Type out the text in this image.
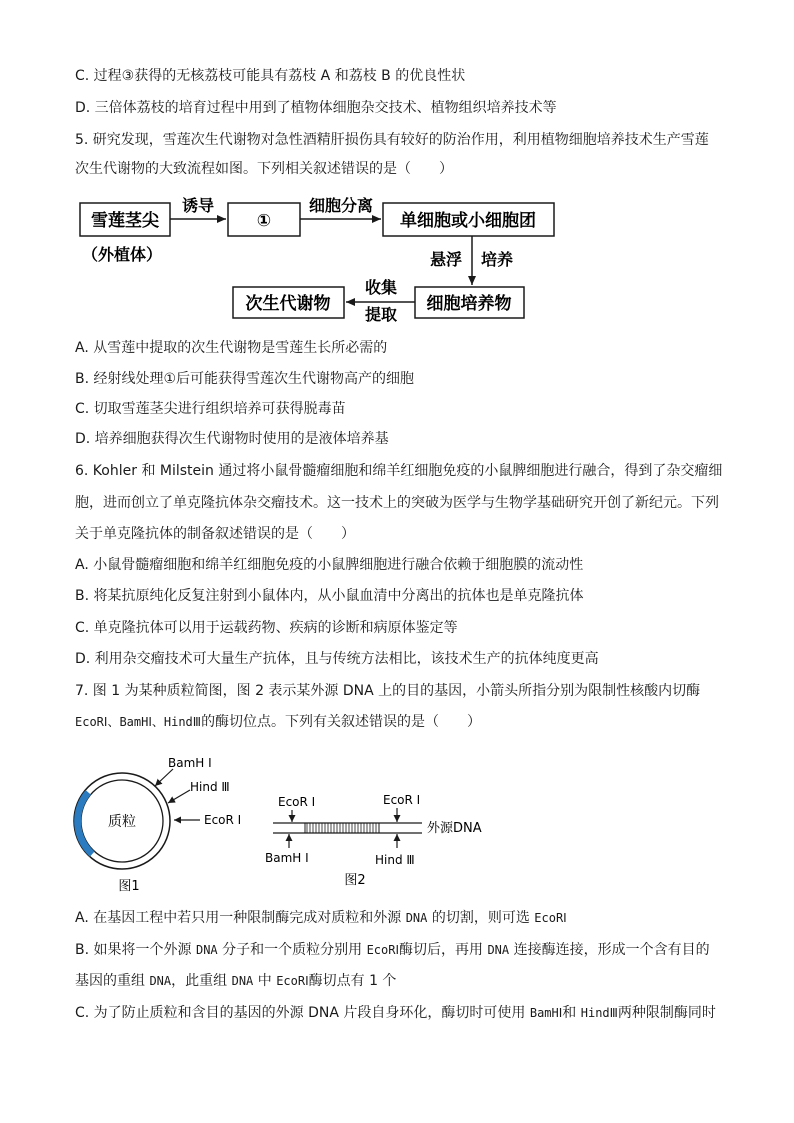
C. 过程③获得的无核荔枝可能具有荔枝 A 和荔枝 B 的优良性状
D. 三倍体荔枝的培育过程中用到了植物体细胞杂交技术、植物组织培养技术等
5. 研究发现，雪莲次生代谢物对急性酒精肝损伤具有较好的防治作用，利用植物细胞培养技术生产雪莲
次生代谢物的大致流程如图。下列相关叙述错误的是（　　）
雪莲茎尖
（外植体）
诱导
①
细胞分离
单细胞或小细胞团
悬浮 培养
细胞培养物
收集
提取
次生代谢物
A. 从雪莲中提取的次生代谢物是雪莲生长所必需的
B. 经射线处理①后可能获得雪莲次生代谢物高产的细胞
C. 切取雪莲茎尖进行组织培养可获得脱毒苗
D. 培养细胞获得次生代谢物时使用的是液体培养基
6. Kohler 和 Milstein 通过将小鼠骨髓瘤细胞和绵羊红细胞免疫的小鼠脾细胞进行融合，得到了杂交瘤细
胞，进而创立了单克隆抗体杂交瘤技术。这一技术上的突破为医学与生物学基础研究开创了新纪元。下列
关于单克隆抗体的制备叙述错误的是（　　）
A. 小鼠骨髓瘤细胞和绵羊红细胞免疫的小鼠脾细胞进行融合依赖于细胞膜的流动性
B. 将某抗原纯化反复注射到小鼠体内，从小鼠血清中分离出的抗体也是单克隆抗体
C. 单克隆抗体可以用于运载药物、疾病的诊断和病原体鉴定等
D. 利用杂交瘤技术可大量生产抗体，且与传统方法相比，该技术生产的抗体纯度更高
7. 图 1 为某种质粒简图，图 2 表示某外源 DNA 上的目的基因，小箭头所指分别为限制性核酸内切酶
EcoRⅠ、BamHⅠ、HindⅢ的酶切位点。下列有关叙述错误的是（　　）
质粒
BamH Ⅰ
Hind Ⅲ
EcoR Ⅰ
图1
EcoR Ⅰ	EcoR Ⅰ
BamH Ⅰ	Hind Ⅲ
外源DNA
图2
A. 在基因工程中若只用一种限制酶完成对质粒和外源 DNA 的切割，则可选 EcoRⅠ
B. 如果将一个外源 DNA 分子和一个质粒分别用 EcoRⅠ酶切后，再用 DNA 连接酶连接，形成一个含有目的
基因的重组 DNA，此重组 DNA 中 EcoRⅠ酶切点有 1 个
C. 为了防止质粒和含目的基因的外源 DNA 片段自身环化，酶切时可使用 BamHⅠ和 HindⅢ两种限制酶同时
